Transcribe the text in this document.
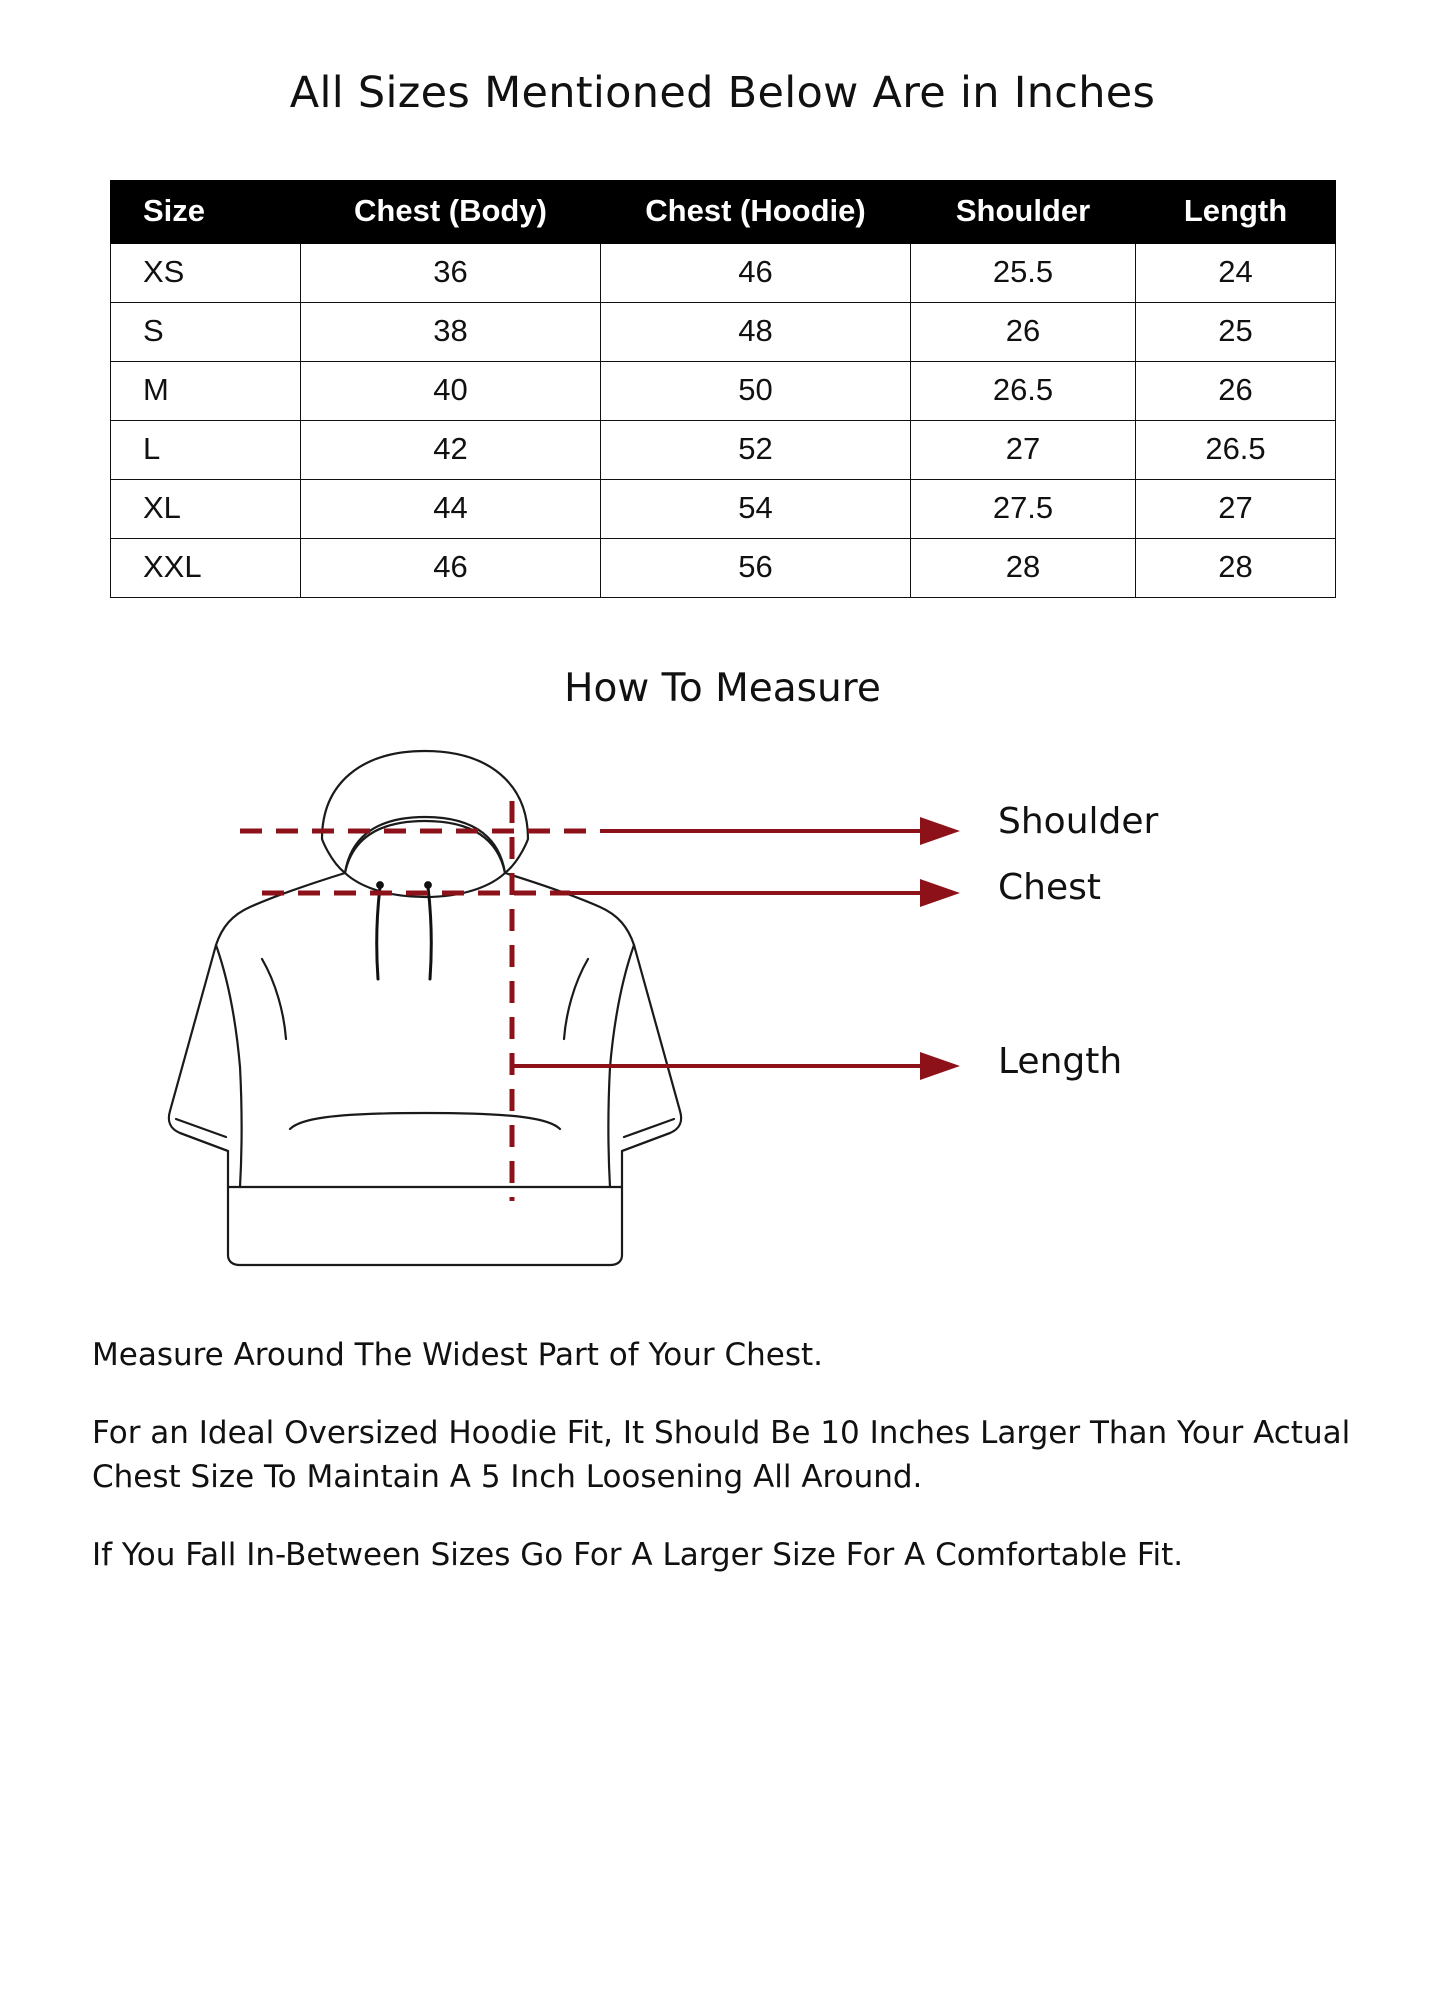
All Sizes Mentioned Below Are in Inches
Size	Chest (Body)	Chest (Hoodie)	Shoulder	Length
XS	36	46	25.5	24
S	38	48	26	25
M	40	50	26.5	26
L	42	52	27	26.5
XL	44	54	27.5	27
XXL	46	56	28	28
How To Measure
Shoulder
Chest
Length

Measure Around The Widest Part of Your Chest.

For an Ideal Oversized Hoodie Fit, It Should Be 10 Inches Larger Than Your Actual Chest Size To Maintain A 5 Inch Loosening All Around.

If You Fall In-Between Sizes Go For A Larger Size For A Comfortable Fit.
